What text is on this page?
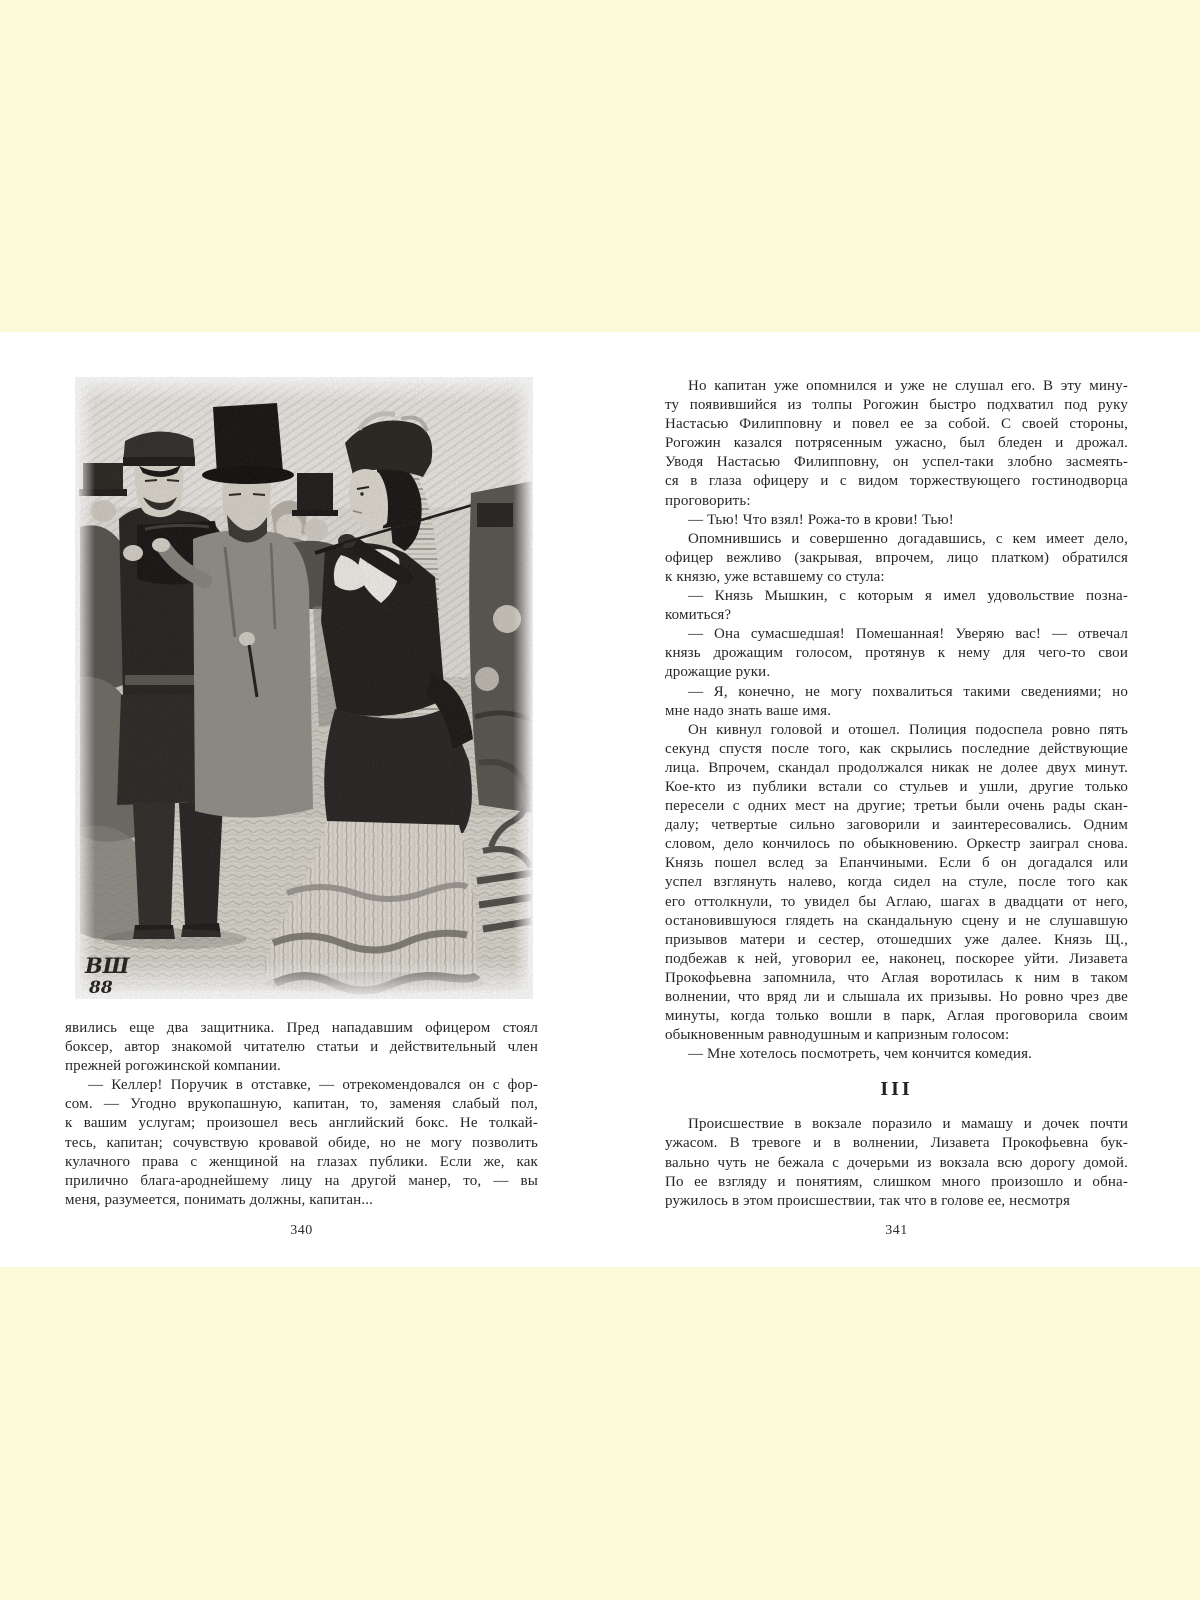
ВШ
88
явились еще два защитника. Пред нападавшим офицером стоял
боксер, автор знакомой читателю статьи и действительный член
прежней рогожинской компании.
— Келлер! Поручик в отставке, — отрекомендовался он с фор-
сом. — Угодно врукопашную, капитан, то, заменяя слабый пол,
к вашим услугам; произошел весь английский бокс. Не толкай-
тесь, капитан; сочувствую кровавой обиде, но не могу позволить
кулачного права с женщиной на глазах публики. Если же, как
прилично блага-ароднейшему лицу на другой манер, то, — вы
меня, разумеется, понимать должны, капитан...
340
Но капитан уже опомнился и уже не слушал его. В эту мину-
ту появившийся из толпы Рогожин быстро подхватил под руку
Настасью Филипповну и повел ее за собой. С своей стороны,
Рогожин казался потрясенным ужасно, был бледен и дрожал.
Уводя Настасью Филипповну, он успел-таки злобно засмеять-
ся в глаза офицеру и с видом торжествующего гостинодворца
проговорить:
— Тью! Что взял! Рожа-то в крови! Тью!
Опомнившись и совершенно догадавшись, с кем имеет дело,
офицер вежливо (закрывая, впрочем, лицо платком) обратился
к князю, уже вставшему со стула:
— Князь Мышкин, с которым я имел удовольствие позна-
комиться?
— Она сумасшедшая! Помешанная! Уверяю вас! — отвечал
князь дрожащим голосом, протянув к нему для чего-то свои
дрожащие руки.
— Я, конечно, не могу похвалиться такими сведениями; но
мне надо знать ваше имя.
Он кивнул головой и отошел. Полиция подоспела ровно пять
секунд спустя после того, как скрылись последние действующие
лица. Впрочем, скандал продолжался никак не долее двух минут.
Кое-кто из публики встали со стульев и ушли, другие только
пересели с одних мест на другие; третьи были очень рады скан-
далу; четвертые сильно заговорили и заинтересовались. Одним
словом, дело кончилось по обыкновению. Оркестр заиграл снова.
Князь пошел вслед за Епанчиными. Если б он догадался или
успел взглянуть налево, когда сидел на стуле, после того как
его оттолкнули, то увидел бы Аглаю, шагах в двадцати от него,
остановившуюся глядеть на скандальную сцену и не слушавшую
призывов матери и сестер, отошедших уже далее. Князь Щ.,
подбежав к ней, уговорил ее, наконец, поскорее уйти. Лизавета
Прокофьевна запомнила, что Аглая воротилась к ним в таком
волнении, что вряд ли и слышала их призывы. Но ровно чрез две
минуты, когда только вошли в парк, Аглая проговорила своим
обыкновенным равнодушным и капризным голосом:
— Мне хотелось посмотреть, чем кончится комедия.
III
Происшествие в вокзале поразило и мамашу и дочек почти
ужасом. В тревоге и в волнении, Лизавета Прокофьевна бук-
вально чуть не бежала с дочерьми из вокзала всю дорогу домой.
По ее взгляду и понятиям, слишком много произошло и обна-
ружилось в этом происшествии, так что в голове ее, несмотря
341
